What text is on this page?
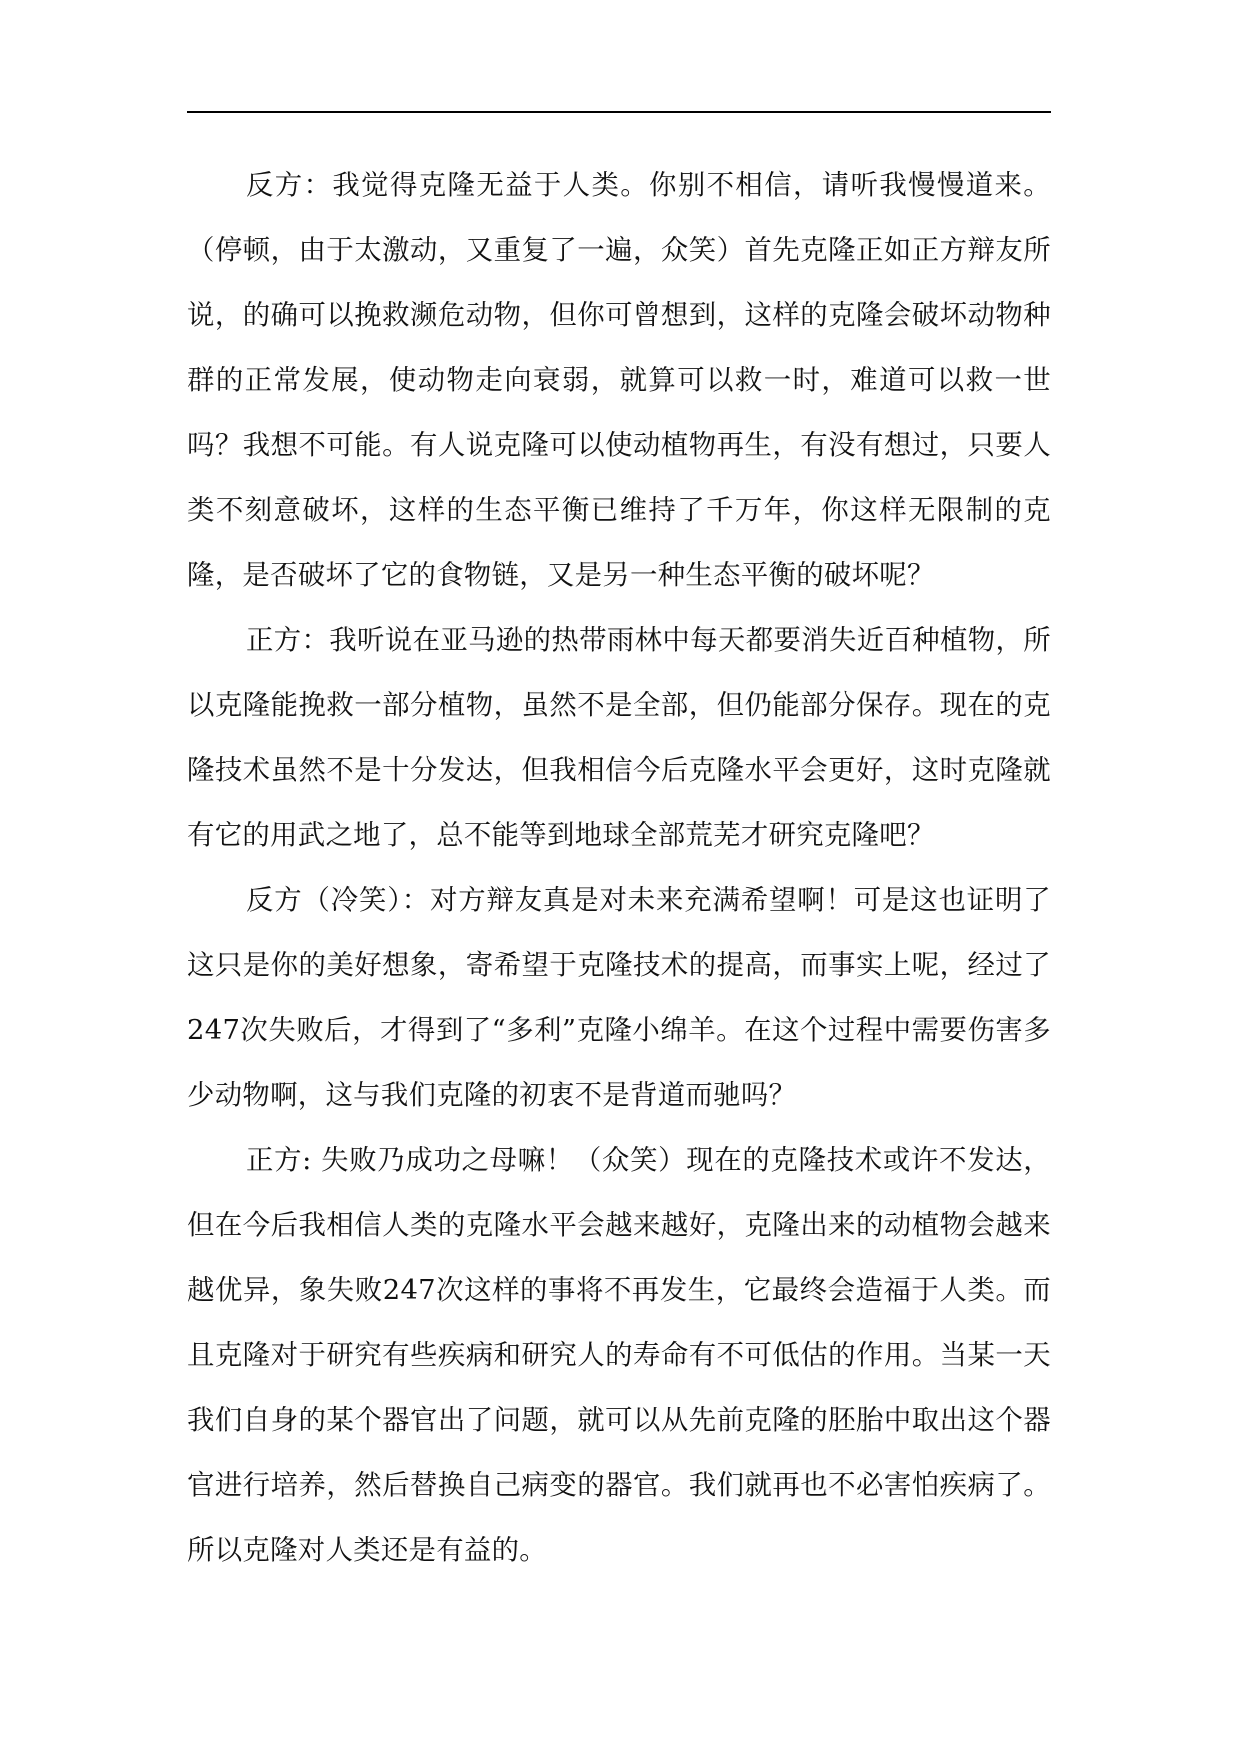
反方：我觉得克隆无益于人类。你别不相信，请听我慢慢道来。（停顿，由于太激动，又重复了一遍，众笑）首先克隆正如正方辩友所说，的确可以挽救濒危动物，但你可曾想到，这样的克隆会破坏动物种群的正常发展，使动物走向衰弱，就算可以救一时，难道可以救一世吗？我想不可能。有人说克隆可以使动植物再生，有没有想过，只要人类不刻意破坏，这样的生态平衡已维持了千万年，你这样无限制的克隆，是否破坏了它的食物链，又是另一种生态平衡的破坏呢？

正方：我听说在亚马逊的热带雨林中每天都要消失近百种植物，所以克隆能挽救一部分植物，虽然不是全部，但仍能部分保存。现在的克隆技术虽然不是十分发达，但我相信今后克隆水平会更好，这时克隆就有它的用武之地了，总不能等到地球全部荒芜才研究克隆吧？

反方（冷笑）：对方辩友真是对未来充满希望啊！可是这也证明了这只是你的美好想象，寄希望于克隆技术的提高，而事实上呢，经过了247次失败后，才得到了“多利”克隆小绵羊。在这个过程中需要伤害多少动物啊，这与我们克隆的初衷不是背道而驰吗？

正方: 失败乃成功之母嘛！（众笑）现在的克隆技术或许不发达，但在今后我相信人类的克隆水平会越来越好，克隆出来的动植物会越来越优异，象失败247次这样的事将不再发生，它最终会造福于人类。而且克隆对于研究有些疾病和研究人的寿命有不可低估的作用。当某一天我们自身的某个器官出了问题，就可以从先前克隆的胚胎中取出这个器官进行培养，然后替换自己病变的器官。我们就再也不必害怕疾病了。所以克隆对人类还是有益的。
